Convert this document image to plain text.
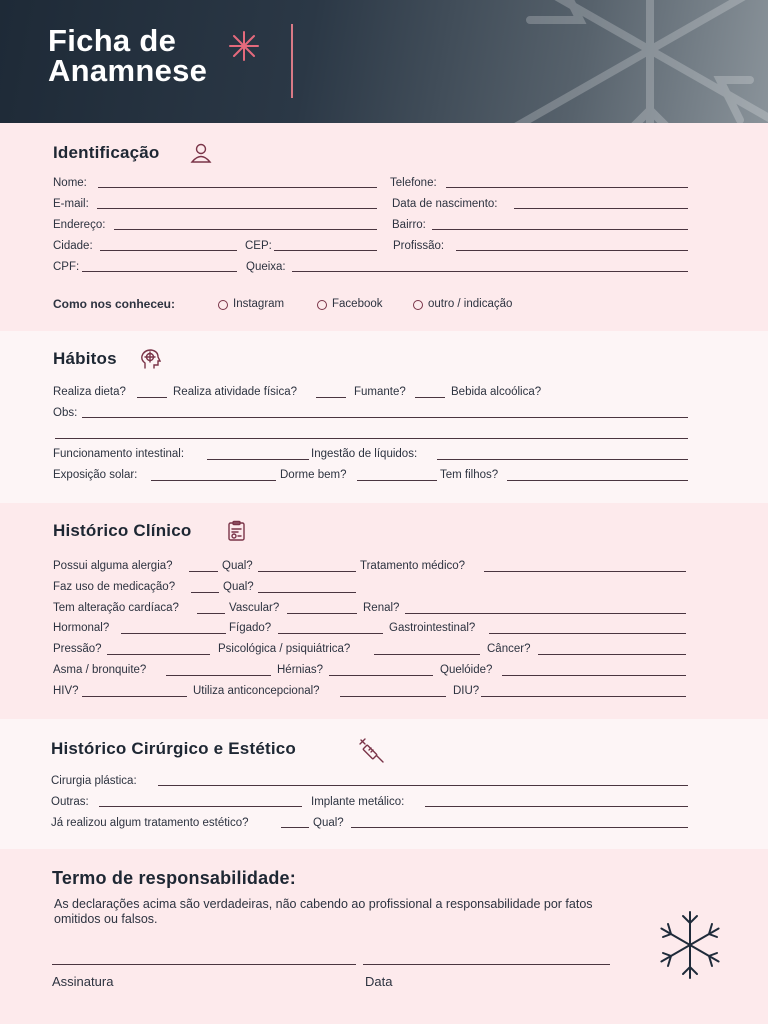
Ficha de
Anamnese
Identificação
Nome:	Telefone:
E-mail:	Data de nascimento:
Endereço:	Bairro:
Cidade:	CEP:	Profissão:
CPF:	Queixa:
Como nos conheceu:	Instagram	Facebook	outro / indicação
Hábitos
Realiza dieta?	Realiza atividade física?	Fumante?	Bebida alcoólica?
Obs:
Funcionamento intestinal:	Ingestão de líquidos:
Exposição solar:	Dorme bem?	Tem filhos?
Histórico Clínico
Possui alguma alergia?	Qual?	Tratamento médico?
Faz uso de medicação?	Qual?
Tem alteração cardíaca?	Vascular?	Renal?
Hormonal?	Fígado?	Gastrointestinal?
Pressão?	Psicológica / psiquiátrica?	Câncer?
Asma / bronquite?	Hérnias?	Quelóide?
HIV?	Utiliza anticoncepcional?	DIU?
Histórico Cirúrgico e Estético
Cirurgia plástica:
Outras:	Implante metálico:
Já realizou algum tratamento estético?	Qual?
Termo de responsabilidade:
As declarações acima são verdadeiras, não cabendo ao profissional a responsabilidade por fatos omitidos ou falsos.
Assinatura	Data
